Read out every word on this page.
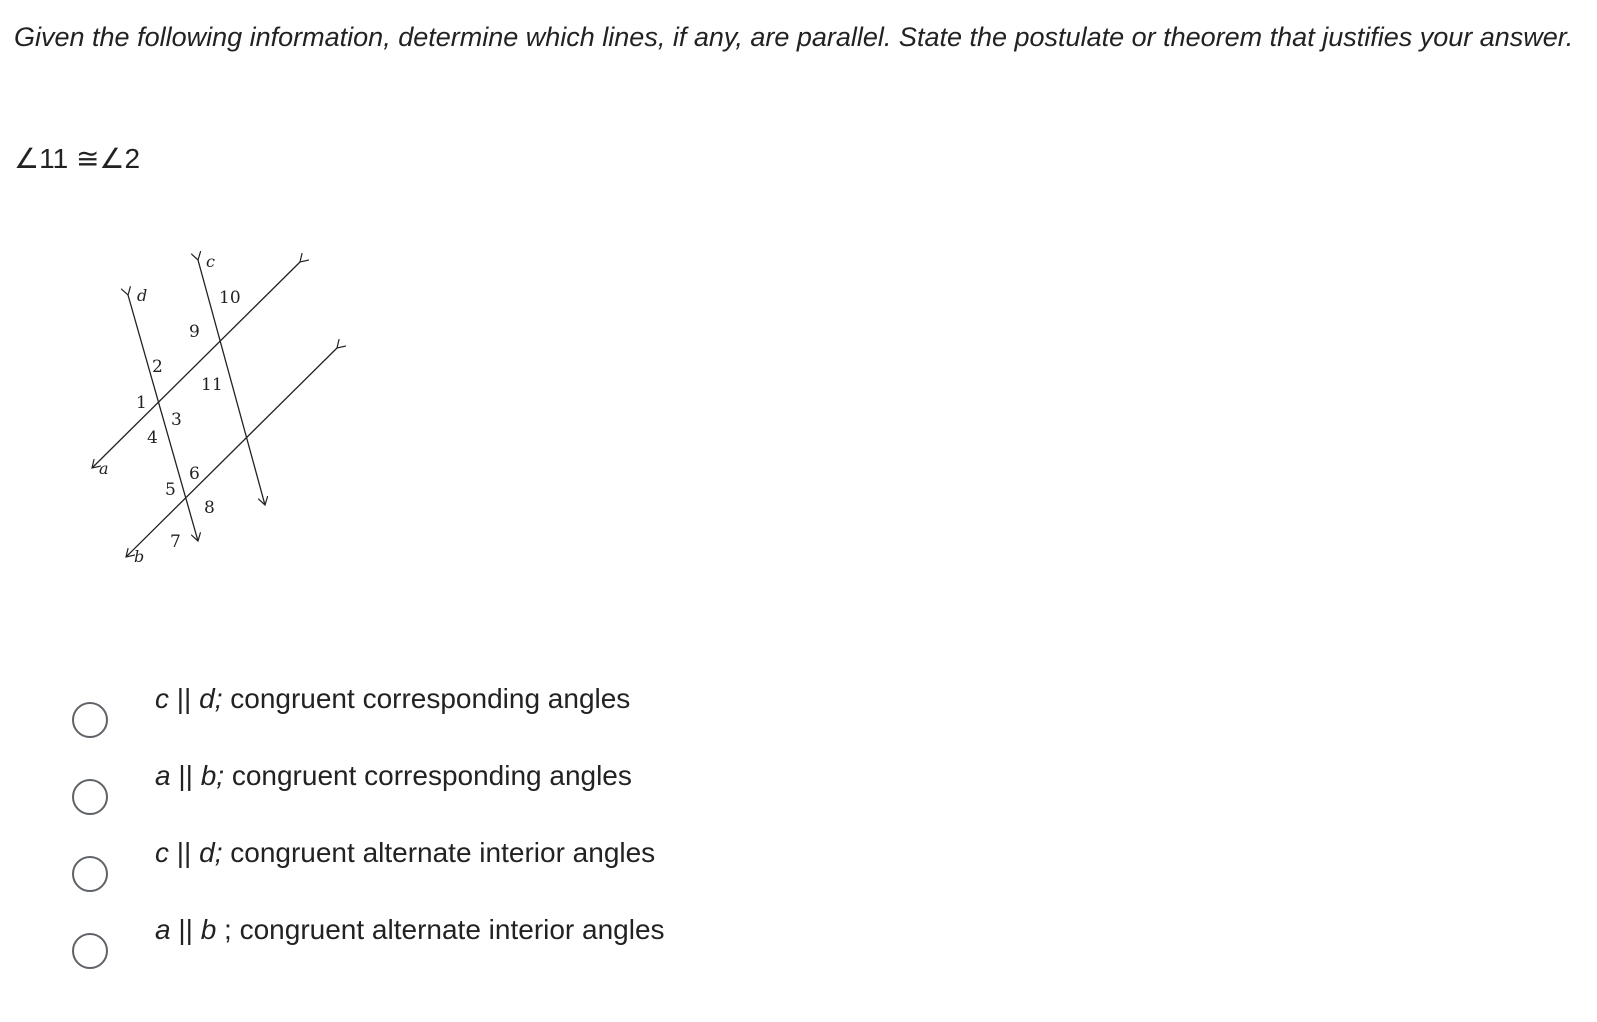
Given the following information, determine which lines, if any, are parallel. State the postulate or theorem that justifies your answer.
∠11 ≅∠2
a
b
c
d
1
2
3
4
5
6
7
8
9
10
11
c || d; congruent corresponding angles
a || b; congruent corresponding angles
c || d; congruent alternate interior angles
a || b ; congruent alternate interior angles
